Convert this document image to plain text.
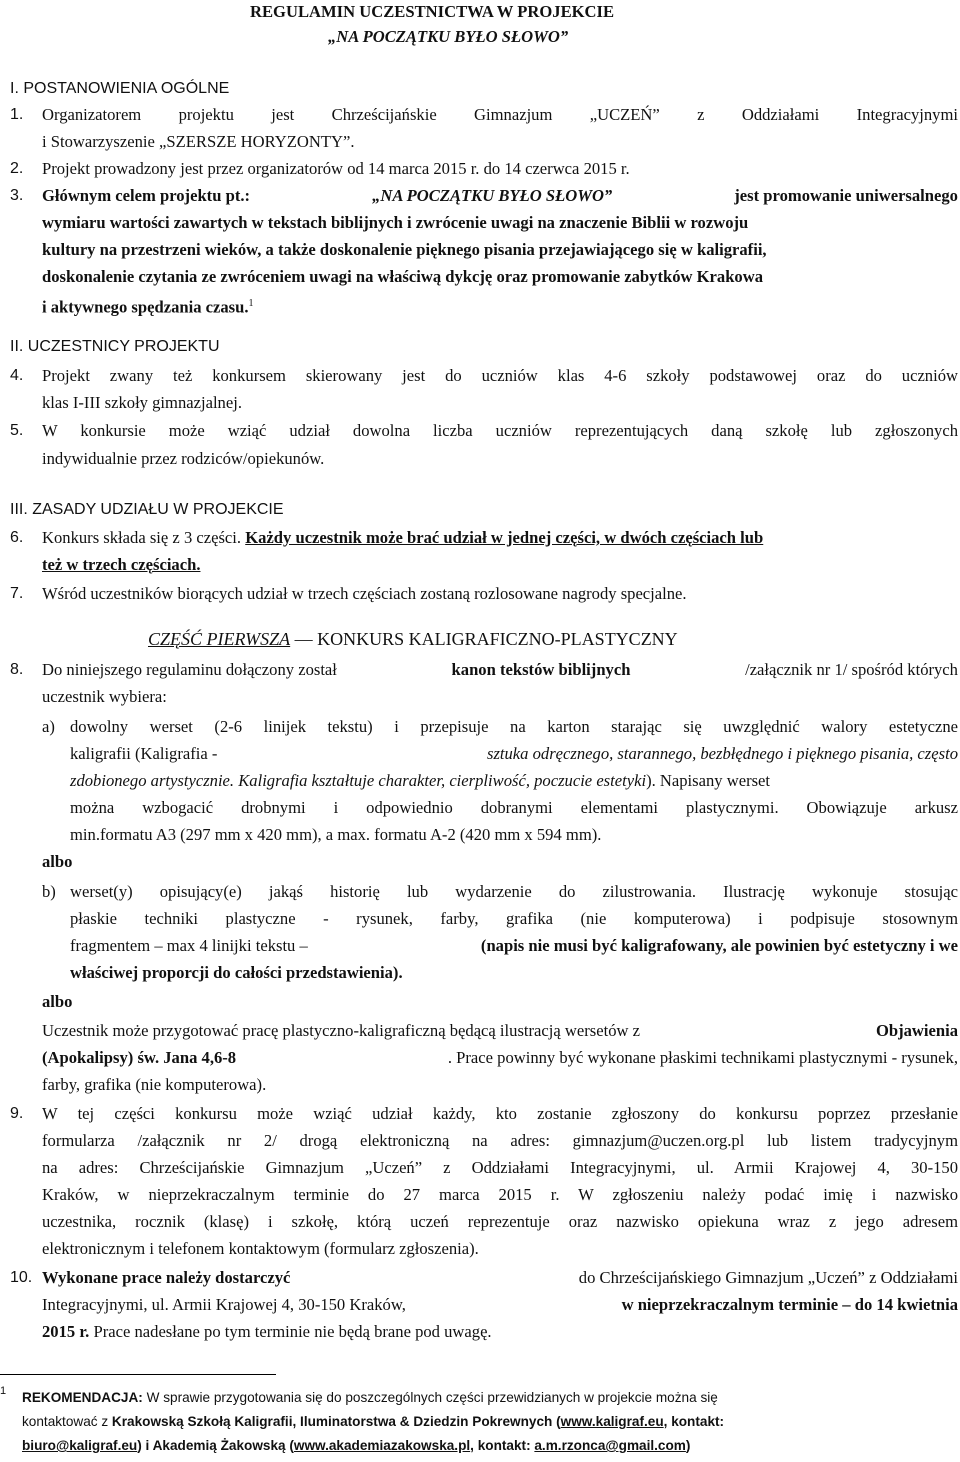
REGULAMIN UCZESTNICTWA W PROJEKCIE
„NA POCZĄTKU BYŁO SŁOWO”
I. POSTANOWIENIA OGÓLNE
1. Organizatorem projektu jest Chrześcijańskie Gimnazjum „UCZEŃ” z Oddziałami Integracyjnymi
i Stowarzyszenie „SZERSZE HORYZONTY”.
2. Projekt prowadzony jest przez organizatorów od 14 marca 2015 r. do 14 czerwca 2015 r.
3. Głównym celem projektu pt.:	„NA POCZĄTKU BYŁO SŁOWO”	jest promowanie uniwersalnego
wymiaru wartości zawartych w tekstach biblijnych i zwrócenie uwagi na znaczenie Biblii w rozwoju
kultury na przestrzeni wieków, a także doskonalenie pięknego pisania przejawiającego się w kaligrafii,
doskonalenie czytania ze zwróceniem uwagi na właściwą dykcję oraz promowanie zabytków Krakowa
i aktywnego spędzania czasu.$^1$
II. UCZESTNICY PROJEKTU
4. Projekt zwany też konkursem skierowany jest do uczniów klas 4-6 szkoły podstawowej oraz do uczniów
klas I-III szkoły gimnazjalnej.
5. W konkursie może wziąć udział dowolna liczba uczniów reprezentujących daną szkołę lub zgłoszonych
indywidualnie przez rodziców/opiekunów.
III. ZASADY UDZIAŁU W PROJEKCIE
6. Konkurs składa się z 3 części. Każdy uczestnik może brać udział w jednej części, w dwóch częściach lub
też w trzech częściach.
7. Wśród uczestników biorących udział w trzech częściach zostaną rozlosowane nagrody specjalne.
CZĘŚĆ PIERWSZA — KONKURS KALIGRAFICZNO-PLASTYCZNY
8. Do niniejszego regulaminu dołączony został	kanon tekstów biblijnych	/załącznik nr 1/ spośród których
uczestnik wybiera:
a) dowolny werset (2-6 linijek tekstu) i przepisuje na karton starając się uwzględnić walory estetyczne
kaligrafii (Kaligrafia -	sztuka odręcznego, starannego, bezbłędnego i pięknego pisania, często
zdobionego artystycznie. Kaligrafia kształtuje charakter, cierpliwość, poczucie estetyki). Napisany werset
można wzbogacić drobnymi i odpowiednio dobranymi elementami plastycznymi. Obowiązuje arkusz
min.formatu A3 (297 mm x 420 mm), a max. formatu A-2 (420 mm x 594 mm).
albo
b) werset(y) opisujący(e) jakąś historię lub wydarzenie do zilustrowania. Ilustrację wykonuje stosując
płaskie techniki plastyczne - rysunek, farby, grafika (nie komputerowa) i podpisuje stosownym
fragmentem – max 4 linijki tekstu –	(napis nie musi być kaligrafowany, ale powinien być estetyczny i we
właściwej proporcji do całości przedstawienia).
albo
Uczestnik może przygotować pracę plastyczno-kaligraficzną będącą ilustracją wersetów z	Objawienia
(Apokalipsy) św. Jana 4,6-8	. Prace powinny być wykonane płaskimi technikami plastycznymi - rysunek,
farby, grafika (nie komputerowa).
9. W tej części konkursu może wziąć udział każdy, kto zostanie zgłoszony do konkursu poprzez przesłanie
formularza /załącznik nr 2/ drogą elektroniczną na adres: gimnazjum@uczen.org.pl lub listem tradycyjnym
na adres: Chrześcijańskie Gimnazjum „Uczeń” z Oddziałami Integracyjnymi, ul. Armii Krajowej 4, 30-150
Kraków, w nieprzekraczalnym terminie do 27 marca 2015 r. W zgłoszeniu należy podać imię i nazwisko
uczestnika, rocznik (klasę) i szkołę, którą uczeń reprezentuje oraz nazwisko opiekuna wraz z jego adresem
elektronicznym i telefonem kontaktowym (formularz zgłoszenia).
10. Wykonane prace należy dostarczyć	do Chrześcijańskiego Gimnazjum „Uczeń” z Oddziałami
Integracyjnymi, ul. Armii Krajowej 4, 30-150 Kraków,	w nieprzekraczalnym terminie – do 14 kwietnia
2015 r. Prace nadesłane po tym terminie nie będą brane pod uwagę.
1 REKOMENDACJA: W sprawie przygotowania się do poszczególnych części przewidzianych w projekcie można się
kontaktować z Krakowską Szkołą Kaligrafii, Iluminatorstwa & Dziedzin Pokrewnych (www.kaligraf.eu, kontakt:
biuro@kaligraf.eu) i Akademią Żakowską (www.akademiazakowska.pl, kontakt: a.m.rzonca@gmail.com)
